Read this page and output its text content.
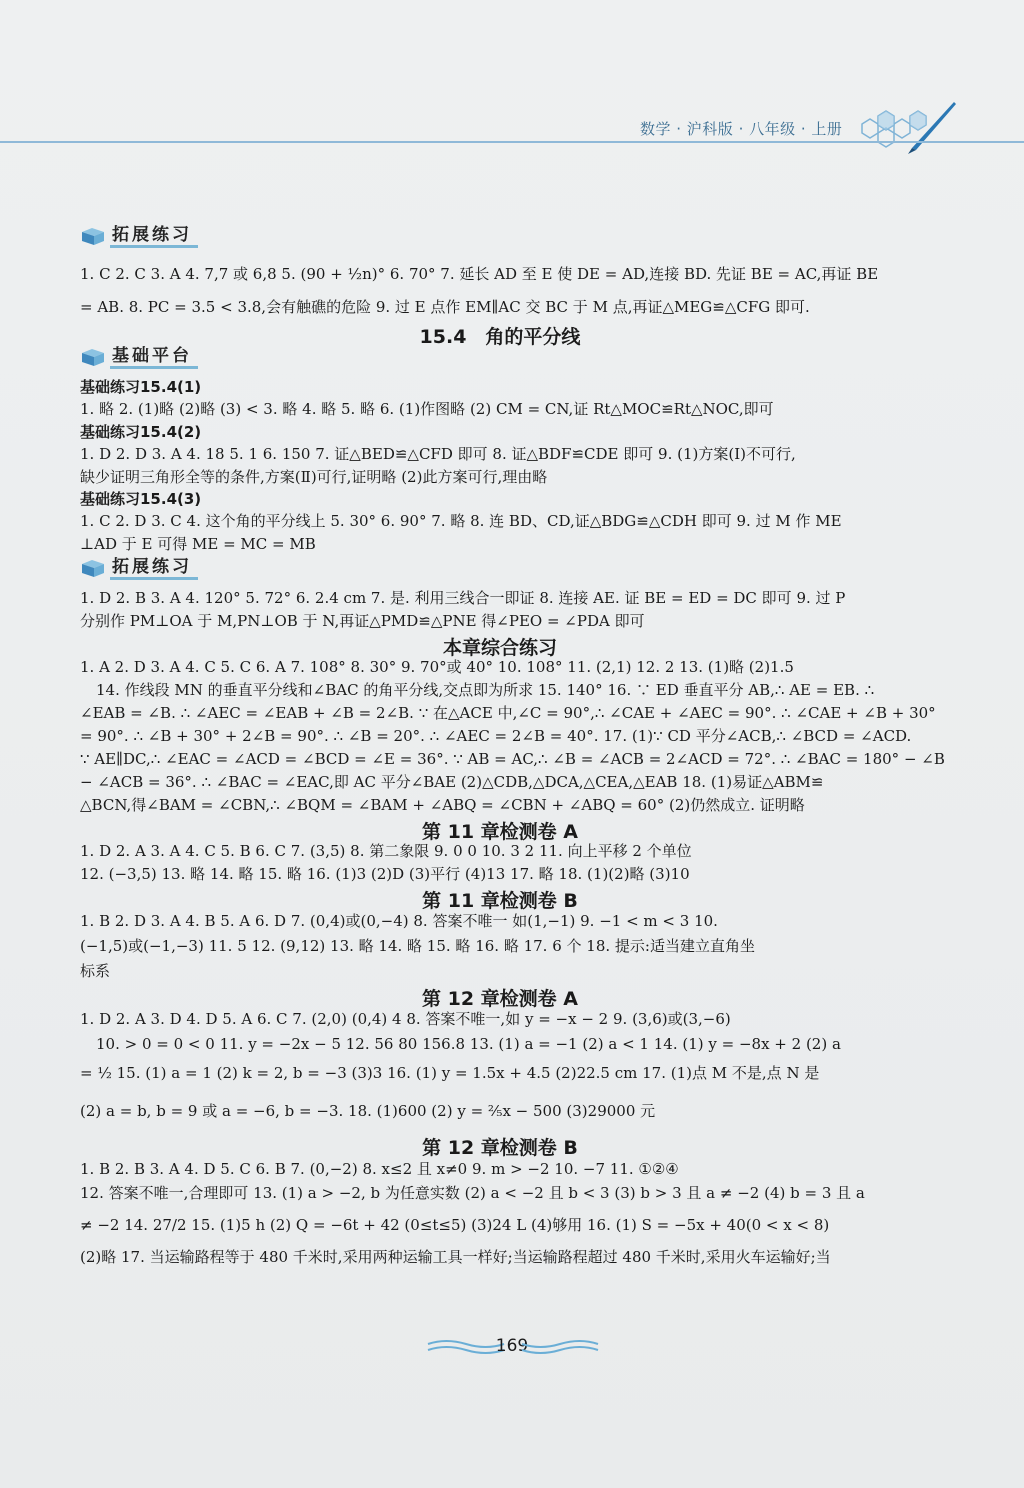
数学 · 沪科版 · 八年级 · 上册
拓展练习
1. C 2. C 3. A 4. 7,7 或 6,8 5. (90 + ½n)° 6. 70° 7. 延长 AD 至 E 使 DE = AD,连接 BD. 先证 BE = AC,再证 BE
= AB. 8. PC = 3.5 < 3.8,会有触礁的危险 9. 过 E 点作 EM∥AC 交 BC 于 M 点,再证△MEG≌△CFG 即可.
15.4　角的平分线
基础平台
基础练习15.4(1)
1. 略 2. (1)略 (2)略 (3) < 3. 略 4. 略 5. 略 6. (1)作图略 (2) CM = CN,证 Rt△MOC≌Rt△NOC,即可
基础练习15.4(2)
1. D 2. D 3. A 4. 18 5. 1 6. 150 7. 证△BED≌△CFD 即可 8. 证△BDF≌CDE 即可 9. (1)方案(Ⅰ)不可行,
缺少证明三角形全等的条件,方案(Ⅱ)可行,证明略 (2)此方案可行,理由略
基础练习15.4(3)
1. C 2. D 3. C 4. 这个角的平分线上 5. 30° 6. 90° 7. 略 8. 连 BD、CD,证△BDG≌△CDH 即可 9. 过 M 作 ME
⊥AD 于 E 可得 ME = MC = MB
拓展练习
1. D 2. B 3. A 4. 120° 5. 72° 6. 2.4 cm 7. 是. 利用三线合一即证 8. 连接 AE. 证 BE = ED = DC 即可 9. 过 P
分别作 PM⊥OA 于 M,PN⊥OB 于 N,再证△PMD≌△PNE 得∠PEO = ∠PDA 即可
本章综合练习
1. A 2. D 3. A 4. C 5. C 6. A 7. 108° 8. 30° 9. 70°或 40° 10. 108° 11. (2,1) 12. 2 13. (1)略 (2)1.5
14. 作线段 MN 的垂直平分线和∠BAC 的角平分线,交点即为所求 15. 140° 16. ∵ ED 垂直平分 AB,∴ AE = EB. ∴
∠EAB = ∠B. ∴ ∠AEC = ∠EAB + ∠B = 2∠B. ∵ 在△ACE 中,∠C = 90°,∴ ∠CAE + ∠AEC = 90°. ∴ ∠CAE + ∠B + 30°
= 90°. ∴ ∠B + 30° + 2∠B = 90°. ∴ ∠B = 20°. ∴ ∠AEC = 2∠B = 40°. 17. (1)∵ CD 平分∠ACB,∴ ∠BCD = ∠ACD.
∵ AE∥DC,∴ ∠EAC = ∠ACD = ∠BCD = ∠E = 36°. ∵ AB = AC,∴ ∠B = ∠ACB = 2∠ACD = 72°. ∴ ∠BAC = 180° − ∠B
− ∠ACB = 36°. ∴ ∠BAC = ∠EAC,即 AC 平分∠BAE (2)△CDB,△DCA,△CEA,△EAB 18. (1)易证△ABM≌
△BCN,得∠BAM = ∠CBN,∴ ∠BQM = ∠BAM + ∠ABQ = ∠CBN + ∠ABQ = 60° (2)仍然成立. 证明略
第 11 章检测卷 A
1. D 2. A 3. A 4. C 5. B 6. C 7. (3,5) 8. 第二象限 9. 0 0 10. 3 2 11. 向上平移 2 个单位
12. (−3,5) 13. 略 14. 略 15. 略 16. (1)3 (2)D (3)平行 (4)13 17. 略 18. (1)(2)略 (3)10
第 11 章检测卷 B
1. B 2. D 3. A 4. B 5. A 6. D 7. (0,4)或(0,−4) 8. 答案不唯一 如(1,−1) 9. −1 < m < 3 10.
(−1,5)或(−1,−3) 11. 5 12. (9,12) 13. 略 14. 略 15. 略 16. 略 17. 6 个 18. 提示:适当建立直角坐
标系
第 12 章检测卷 A
1. D 2. A 3. D 4. D 5. A 6. C 7. (2,0) (0,4) 4 8. 答案不唯一,如 y = −x − 2 9. (3,6)或(3,−6)
10. > 0 = 0 < 0 11. y = −2x − 5 12. 56 80 156.8 13. (1) a = −1 (2) a < 1 14. (1) y = −8x + 2 (2) a
= ½ 15. (1) a = 1 (2) k = 2, b = −3 (3)3 16. (1) y = 1.5x + 4.5 (2)22.5 cm 17. (1)点 M 不是,点 N 是
(2) a = b, b = 9 或 a = −6, b = −3. 18. (1)600 (2) y = ⅖x − 500 (3)29000 元
第 12 章检测卷 B
1. B 2. B 3. A 4. D 5. C 6. B 7. (0,−2) 8. x≤2 且 x≠0 9. m > −2 10. −7 11. ①②④
12. 答案不唯一,合理即可 13. (1) a > −2, b 为任意实数 (2) a < −2 且 b < 3 (3) b > 3 且 a ≠ −2 (4) b = 3 且 a
≠ −2 14. 27/2 15. (1)5 h (2) Q = −6t + 42 (0≤t≤5) (3)24 L (4)够用 16. (1) S = −5x + 40(0 < x < 8)
(2)略 17. 当运输路程等于 480 千米时,采用两种运输工具一样好;当运输路程超过 480 千米时,采用火车运输好;当
169
